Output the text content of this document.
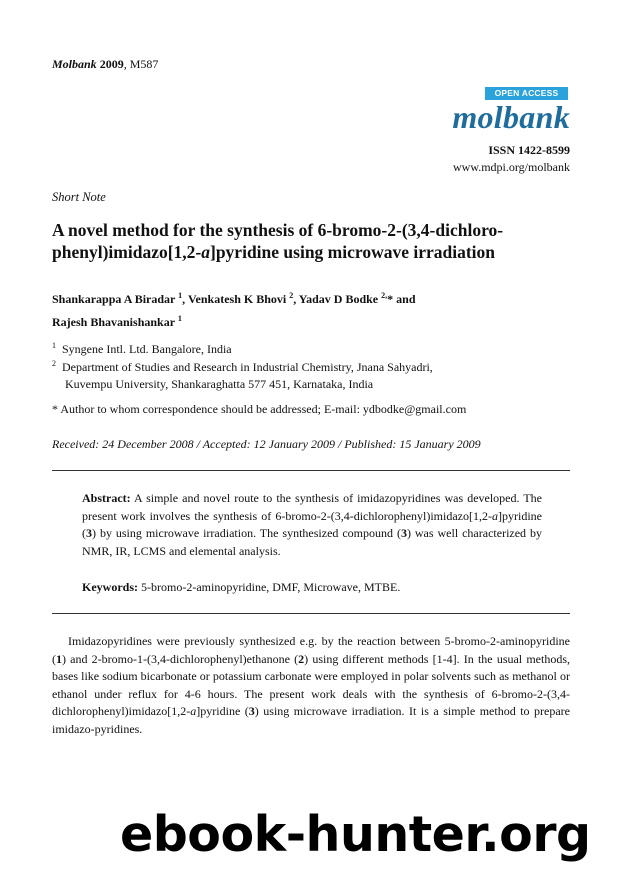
Molbank 2009, M587
OPEN ACCESS
molbank
ISSN 1422-8599
www.mdpi.org/molbank
Short Note
A novel method for the synthesis of 6-bromo-2-(3,4-dichloro-phenyl)imidazo[1,2-a]pyridine using microwave irradiation
Shankarappa A Biradar $^1$, Venkatesh K Bhovi $^2$, Yadav D Bodke $^{2,}$* and
Rajesh Bhavanishankar $^1$
$^1$ Syngene Intl. Ltd. Bangalore, India
$^2$ Department of Studies and Research in Industrial Chemistry, Jnana Sahyadri,
Kuvempu University, Shankaraghatta 577 451, Karnataka, India
* Author to whom correspondence should be addressed; E-mail: ydbodke@gmail.com
Received: 24 December 2008 / Accepted: 12 January 2009 / Published: 15 January 2009
Abstract: A simple and novel route to the synthesis of imidazopyridines was developed. The present work involves the synthesis of 6-bromo-2-(3,4-dichlorophenyl)imidazo[1,2-a]pyridine (3) by using microwave irradiation. The synthesized compound (3) was well characterized by NMR, IR, LCMS and elemental analysis.
Keywords: 5-bromo-2-aminopyridine, DMF, Microwave, MTBE.
Imidazopyridines were previously synthesized e.g. by the reaction between 5-bromo-2-aminopyridine (1) and 2-bromo-1-(3,4-dichlorophenyl)ethanone (2) using different methods [1-4]. In the usual methods, bases like sodium bicarbonate or potassium carbonate were employed in polar solvents such as methanol or ethanol under reflux for 4-6 hours. The present work deals with the synthesis of 6-bromo-2-(3,4-dichlorophenyl)imidazo[1,2-a]pyridine (3) using microwave irradiation. It is a simple method to prepare imidazo-pyridines.
ebook-hunter.org
